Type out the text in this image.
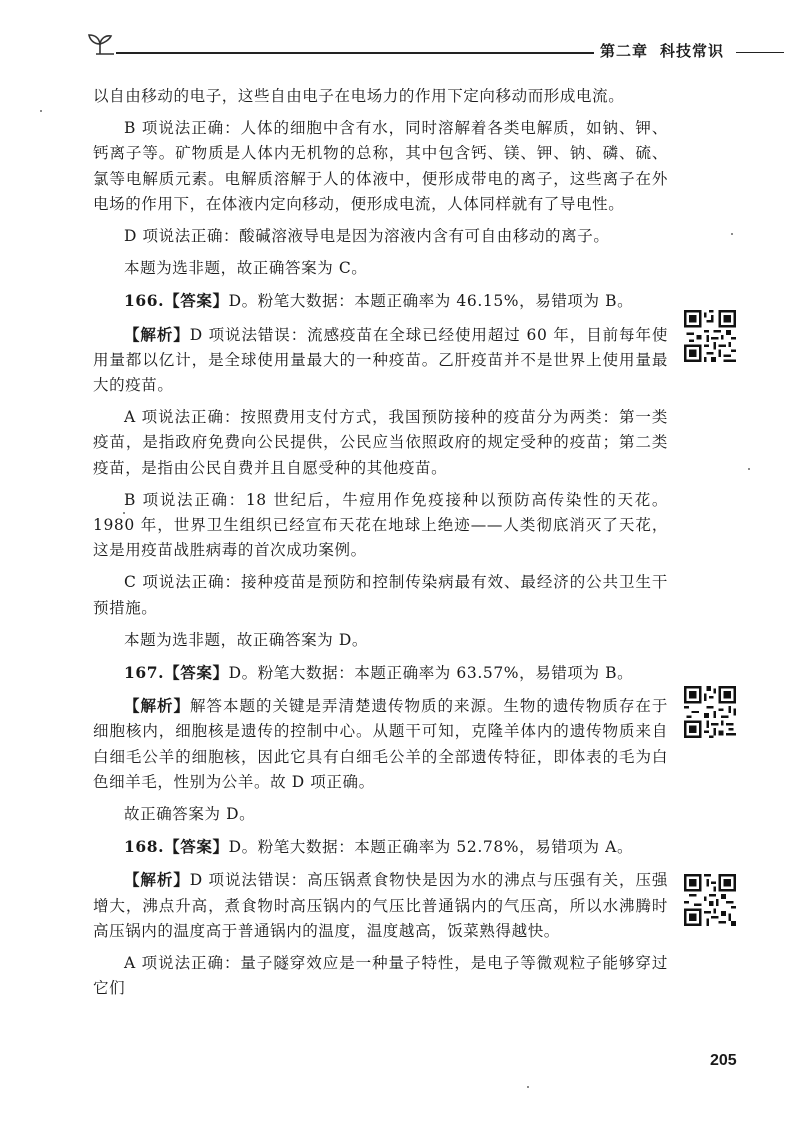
第二章 科技常识

以自由移动的电子，这些自由电子在电场力的作用下定向移动而形成电流。

B 项说法正确：人体的细胞中含有水，同时溶解着各类电解质，如钠、钾、钙离子等。矿物质是人体内无机物的总称，其中包含钙、镁、钾、钠、磷、硫、氯等电解质元素。电解质溶解于人的体液中，便形成带电的离子，这些离子在外电场的作用下，在体液内定向移动，便形成电流，人体同样就有了导电性。

D 项说法正确：酸碱溶液导电是因为溶液内含有可自由移动的离子。

本题为选非题，故正确答案为 C。

166.【答案】D。粉笔大数据：本题正确率为 46.15%，易错项为 B。

【解析】D 项说法错误：流感疫苗在全球已经使用超过 60 年，目前每年使用量都以亿计，是全球使用量最大的一种疫苗。乙肝疫苗并不是世界上使用量最大的疫苗。

A 项说法正确：按照费用支付方式，我国预防接种的疫苗分为两类：第一类疫苗，是指政府免费向公民提供，公民应当依照政府的规定受种的疫苗；第二类疫苗，是指由公民自费并且自愿受种的其他疫苗。

B 项说法正确：18 世纪后，牛痘用作免疫接种以预防高传染性的天花。1980 年，世界卫生组织已经宣布天花在地球上绝迹——人类彻底消灭了天花，这是用疫苗战胜病毒的首次成功案例。

C 项说法正确：接种疫苗是预防和控制传染病最有效、最经济的公共卫生干预措施。

本题为选非题，故正确答案为 D。

167.【答案】D。粉笔大数据：本题正确率为 63.57%，易错项为 B。

【解析】解答本题的关键是弄清楚遗传物质的来源。生物的遗传物质存在于细胞核内，细胞核是遗传的控制中心。从题干可知，克隆羊体内的遗传物质来自白细毛公羊的细胞核，因此它具有白细毛公羊的全部遗传特征，即体表的毛为白色细羊毛，性别为公羊。故 D 项正确。

故正确答案为 D。

168.【答案】D。粉笔大数据：本题正确率为 52.78%，易错项为 A。

【解析】D 项说法错误：高压锅煮食物快是因为水的沸点与压强有关，压强增大，沸点升高，煮食物时高压锅内的气压比普通锅内的气压高，所以水沸腾时高压锅内的温度高于普通锅内的温度，温度越高，饭菜熟得越快。

A 项说法正确：量子隧穿效应是一种量子特性，是电子等微观粒子能够穿过它们

205
